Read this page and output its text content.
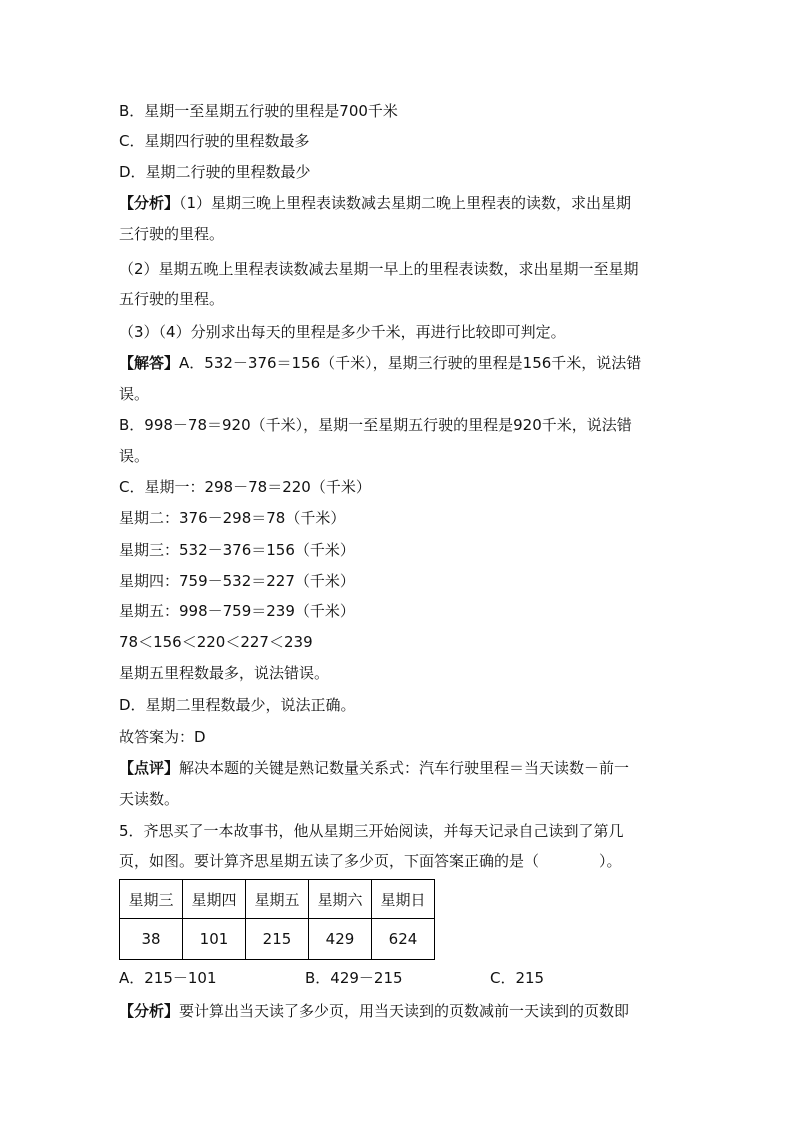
B．星期一至星期五行驶的里程是700千米
C．星期四行驶的里程数最多
D．星期二行驶的里程数最少
【分析】（1）星期三晚上里程表读数减去星期二晚上里程表的读数，求出星期
三行驶的里程。
（2）星期五晚上里程表读数减去星期一早上的里程表读数，求出星期一至星期
五行驶的里程。
（3）（4）分别求出每天的里程是多少千米，再进行比较即可判定。
【解答】A．532－376＝156（千米），星期三行驶的里程是156千米，说法错
误。
B．998－78＝920（千米），星期一至星期五行驶的里程是920千米，说法错
误。
C．星期一：298－78＝220（千米）
星期二：376－298＝78（千米）
星期三：532－376＝156（千米）
星期四：759－532＝227（千米）
星期五：998－759＝239（千米）
78＜156＜220＜227＜239
星期五里程数最多，说法错误。
D．星期二里程数最少，说法正确。
故答案为：D
【点评】解决本题的关键是熟记数量关系式：汽车行驶里程＝当天读数－前一
天读数。
5．齐思买了一本故事书，他从星期三开始阅读，并每天记录自己读到了第几
页，如图。要计算齐思星期五读了多少页，下面答案正确的是（　　　　）。
星期三	星期四	星期五	星期六	星期日
38	101	215	429	624
A．215－101	B．429－215	C．215
【分析】要计算出当天读了多少页，用当天读到的页数减前一天读到的页数即
